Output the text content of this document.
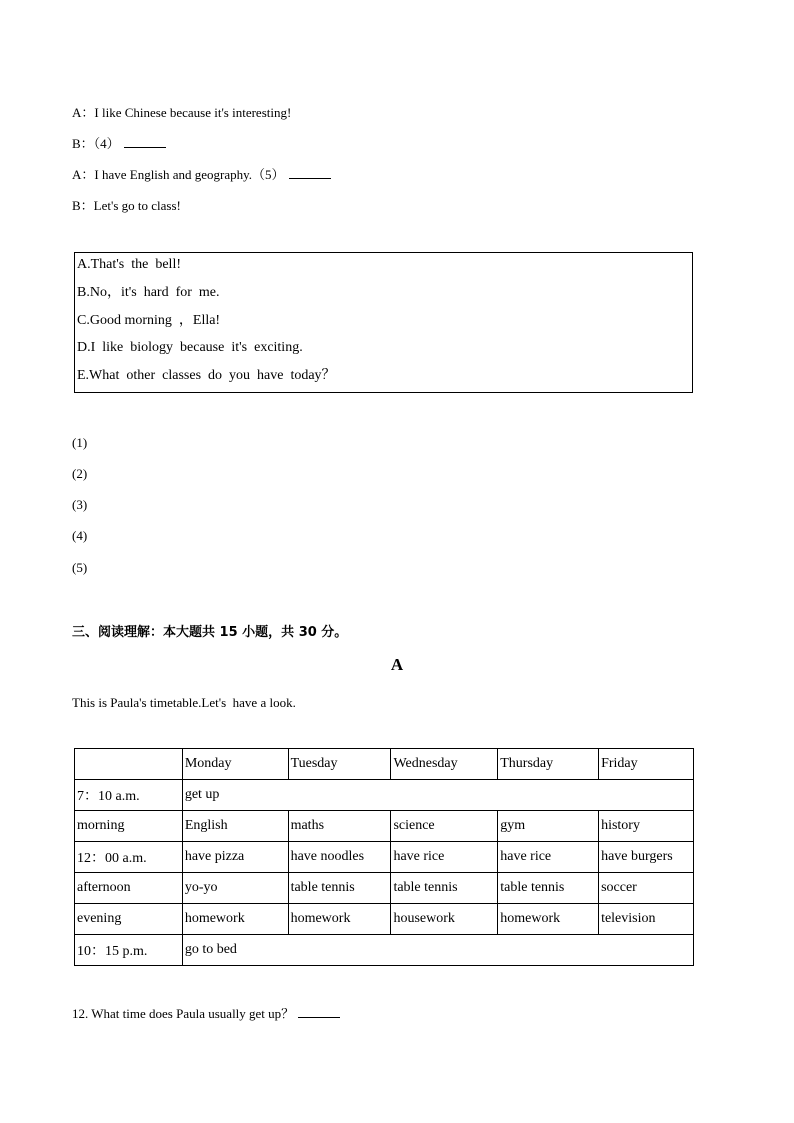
A：I like Chinese because it's interesting!
B：（4）
A：I have English and geography.（5）
B：Let's go to class!
A.That's  the  bell!
B.No，it's  hard  for  me.
C.Good morning  ，Ella!
D.I  like  biology  because  it's  exciting.
E.What  other  classes  do  you  have  today？
(1)
(2)
(3)
(4)
(5)
三、阅读理解：本大题共 15 小题，共 30 分。
A
This is Paula's timetable.Let's  have a look.
	Monday	Tuesday	Wednesday	Thursday	Friday
7：10 a.m.	get up				
morning	English	maths	science	gym	history
12：00 a.m.	have pizza	have noodles	have rice	have rice	have burgers
afternoon	yo-yo	table tennis	table tennis	table tennis	soccer
evening	homework	homework	housework	homework	television
10：15 p.m.	go to bed				
12. What time does Paula usually get up？
